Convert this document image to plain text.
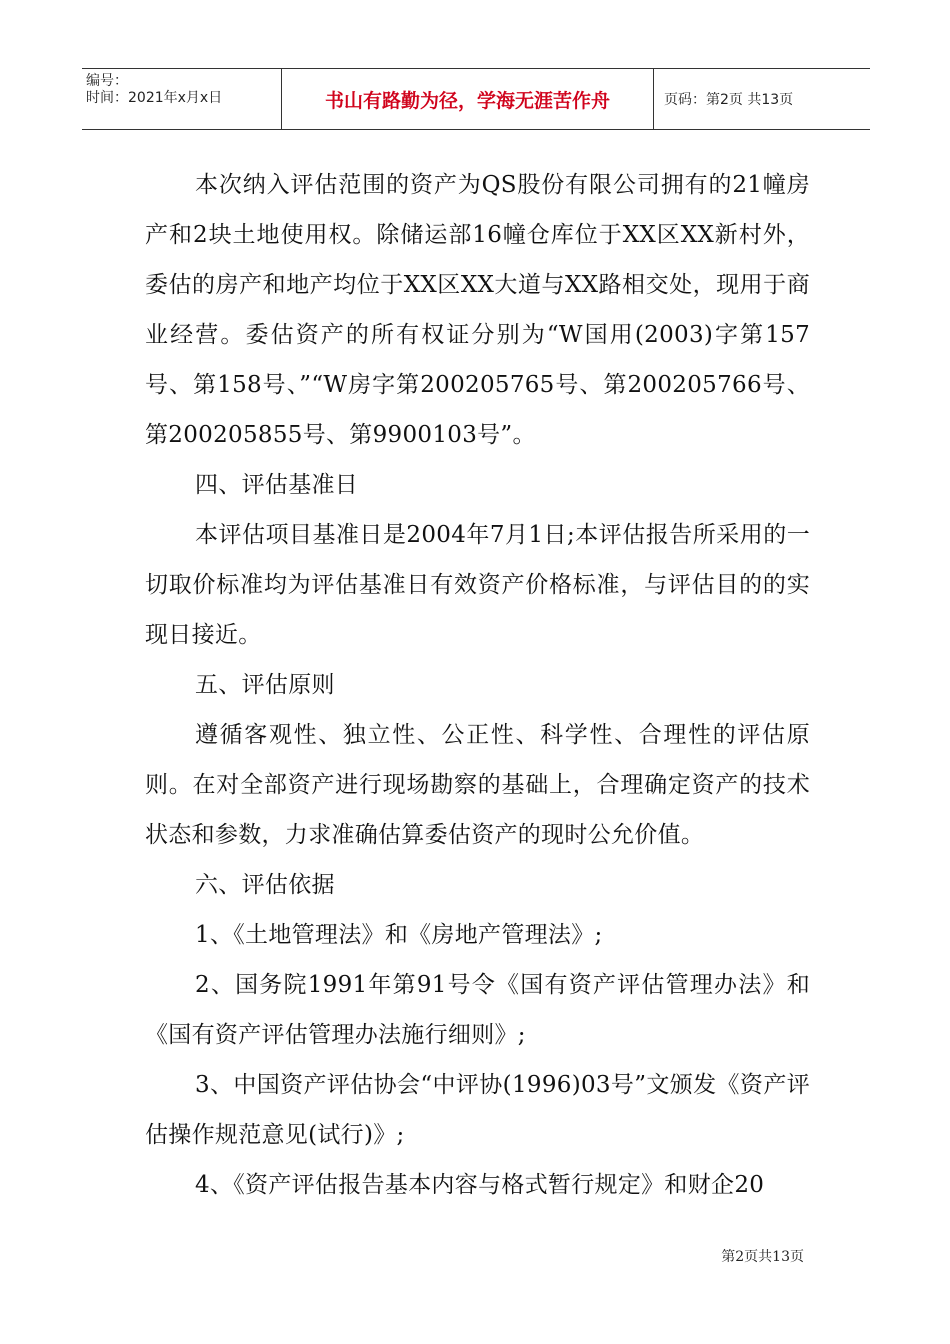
编号：
时间：2021年x月x日	书山有路勤为径，学海无涯苦作舟	页码：第2页 共13页

本次纳入评估范围的资产为QS股份有限公司拥有的21幢房产和2块土地使用权。除储运部16幢仓库位于XX区XX新村外，委估的房产和地产均位于XX区XX大道与XX路相交处，现用于商业经营。委估资产的所有权证分别为“W国用(2003)字第157号、第158号、”“W房字第200205765号、第200205766号、第200205855号、第9900103号”。

四、评估基准日

本评估项目基准日是2004年7月1日;本评估报告所采用的一切取价标准均为评估基准日有效资产价格标准，与评估目的的实现日接近。

五、评估原则

遵循客观性、独立性、公正性、科学性、合理性的评估原则。在对全部资产进行现场勘察的基础上，合理确定资产的技术状态和参数，力求准确估算委估资产的现时公允价值。

六、评估依据

1、《土地管理法》和《房地产管理法》;

2、国务院1991年第91号令《国有资产评估管理办法》和《国有资产评估管理办法施行细则》;

3、中国资产评估协会“中评协(1996)03号”文颁发《资产评估操作规范意见(试行)》;

4、《资产评估报告基本内容与格式暂行规定》和财企20

第2页共13页
